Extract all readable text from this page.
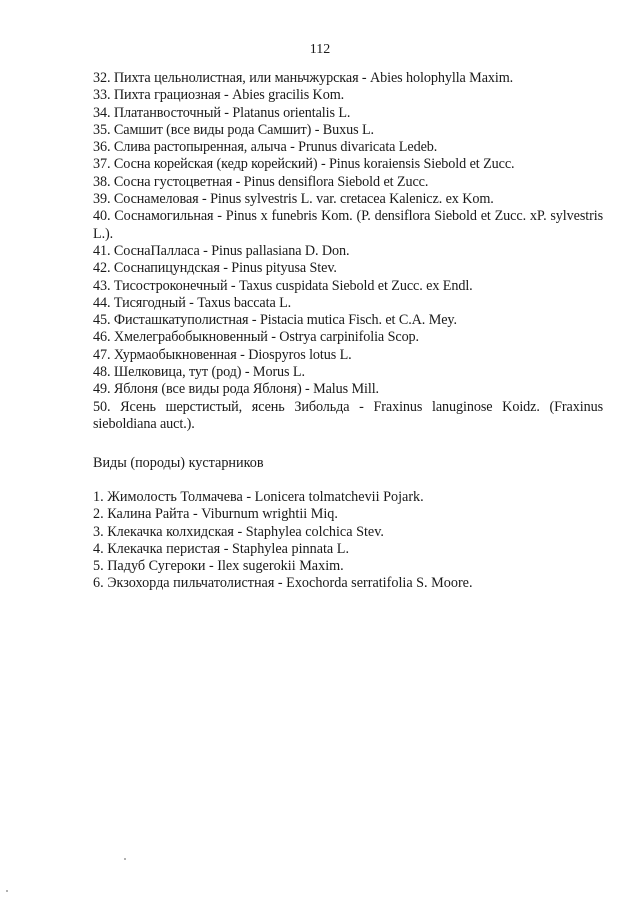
112
32. Пихта цельнолистная, или маньчжурская - Abies holophylla Maxim.
33. Пихта грациозная - Abies gracilis Kom.
34. Платанвосточный - Platanus orientalis L.
35. Самшит (все виды рода Самшит) - Buxus L.
36. Слива растопыренная, алыча - Prunus divaricata Ledeb.
37. Сосна корейская (кедр корейский) - Pinus koraiensis Siebold et Zucc.
38. Сосна густоцветная - Pinus densiflora Siebold et Zucc.
39. Соснамеловая - Pinus sylvestris L. var. cretacea Kalenicz. ex Kom.
40. Соснамогильная - Pinus x funebris Kom. (P. densiflora Siebold et Zucc. xP. sylvestris L.).
41. СоснаПалласа - Pinus pallasiana D. Don.
42. Соснапицундская - Pinus pityusa Stev.
43. Тисостроконечный - Taxus cuspidata Siebold et Zucc. ex Endl.
44. Тисягодный - Taxus baccata L.
45. Фисташкатуполистная - Pistacia mutica Fisch. et C.A. Mey.
46. Хмелеграбобыкновенный - Ostrya carpinifolia Scop.
47. Хурмаобыкновенная - Diospyros lotus L.
48. Шелковица, тут (род) - Morus L.
49. Яблоня (все виды рода Яблоня) - Malus Mill.
50. Ясень шерстистый, ясень Зибольда - Fraxinus lanuginose Koidz. (Fraxinus sieboldiana auct.).
Виды (породы) кустарников
1. Жимолость Толмачева - Lonicera tolmatchevii Pojark.
2. Калина Райта - Viburnum wrightii Miq.
3. Клекачка колхидская - Staphylea colchica Stev.
4. Клекачка перистая - Staphylea pinnata L.
5. Падуб Сугероки - Ilex sugerokii Maxim.
6. Экзохорда пильчатолистная - Exochorda serratifolia S. Moore.
